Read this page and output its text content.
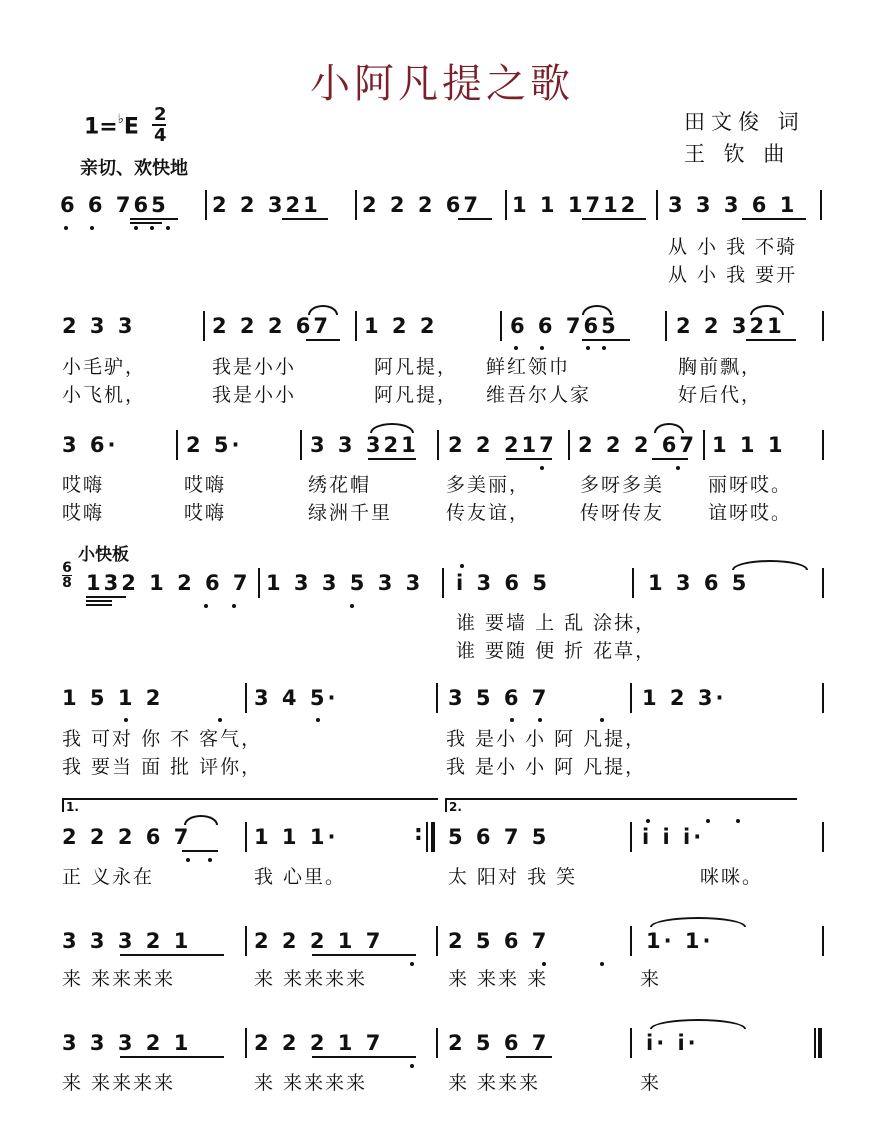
小阿凡提之歌
田文俊 词
王 钦 曲
1=♭E 2
4
亲切、欢快地
6 6 765 2 2 321 2 2 2 67 1 1 1712 3 3 3 6 1
从 小 我 不骑
从 小 我 要开
2 3 3	2 2 2 67 1 2 2	6 6 765	2 2 321
小毛驴，	我是小小	阿凡提， 鲜红领巾	胸前飘，
小飞机，	我是小小	阿凡提， 维吾尔人家	好后代，
3 6·	2 5·	3 3 321 2 2 217 2 2 2 67 1 1 1
哎嗨	哎嗨	绣花帽	多美丽，	多呀多美 丽呀哎。
哎嗨	哎嗨	绿洲千里	传友谊，	传呀传友 谊呀哎。
小快板
6
8 132 1 2 6 7 1 3 3 5 3 3 i 3 6 5	1 3 6 5
谁 要墙 上 乱 涂抹，
谁 要随 便 折 花草，
1 5 1 2	3 4 5·	3 5 6 7	1 2 3·
我 可对 你 不 客气，	我 是小 小 阿 凡提，
我 要当 面 批 评你，	我 是小 小 阿 凡提，
1.	2.
2 2 2 6 7	1 1 1·	: 5 6 7 5	i i i·
正 义永在	我 心里。	太 阳对 我 笑	咪咪。
3 3 3 2 1	2 2 2 1 7	2 5 6 7	1· 1·
来 来来来来	来 来来来来	来 来来 来	来
3 3 3 2 1	2 2 2 1 7	2 5 6 7	i· i·
来 来来来来	来 来来来来	来 来来来	来
